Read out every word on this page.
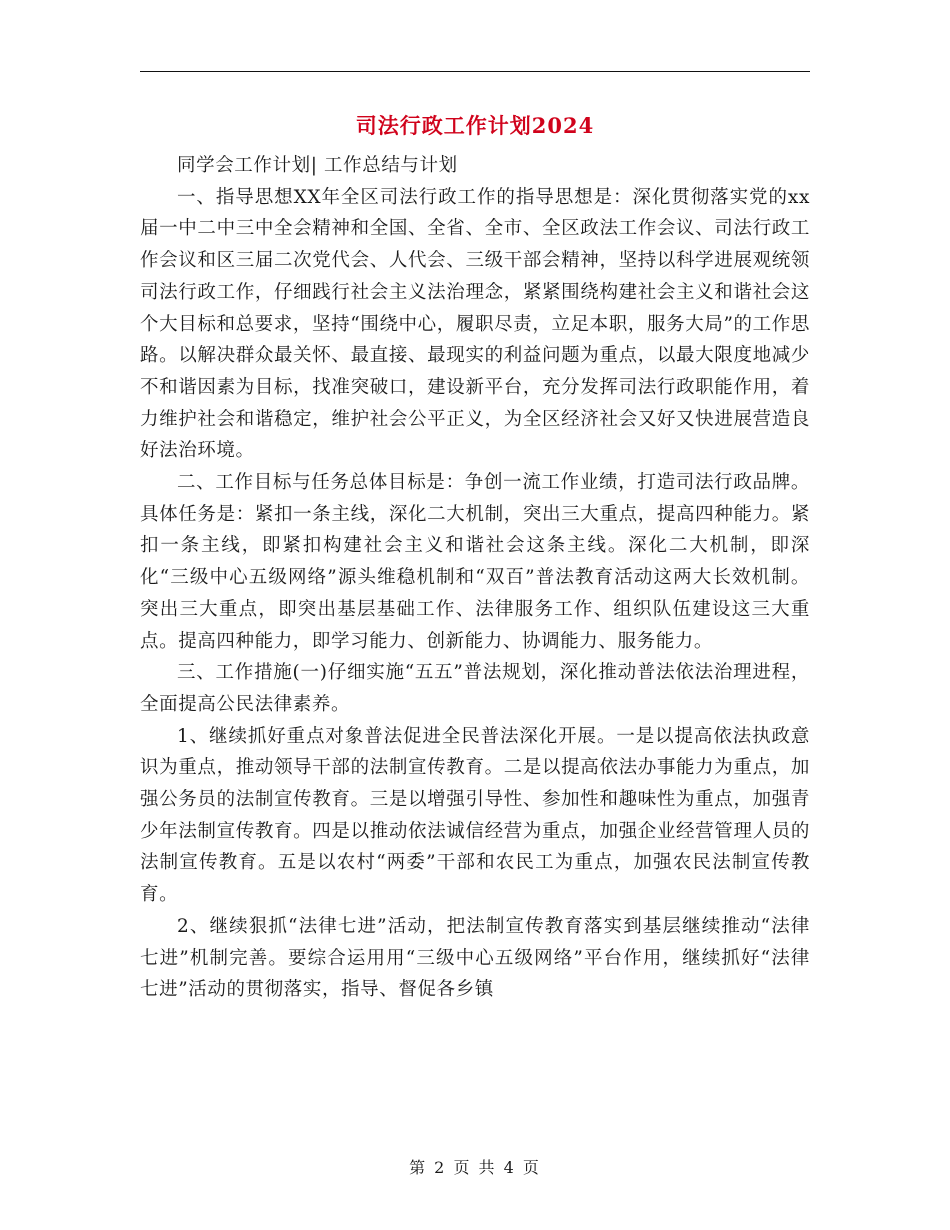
司法行政工作计划2024

同学会工作计划| 工作总结与计划

一、指导思想XX年全区司法行政工作的指导思想是：深化贯彻落实党的xx届一中二中三中全会精神和全国、全省、全市、全区政法工作会议、司法行政工作会议和区三届二次党代会、人代会、三级干部会精神，坚持以科学进展观统领司法行政工作，仔细践行社会主义法治理念，紧紧围绕构建社会主义和谐社会这个大目标和总要求，坚持“围绕中心，履职尽责，立足本职，服务大局”的工作思路。以解决群众最关怀、最直接、最现实的利益问题为重点，以最大限度地减少不和谐因素为目标，找准突破口，建设新平台，充分发挥司法行政职能作用，着力维护社会和谐稳定，维护社会公平正义，为全区经济社会又好又快进展营造良好法治环境。

二、工作目标与任务总体目标是：争创一流工作业绩，打造司法行政品牌。具体任务是：紧扣一条主线，深化二大机制，突出三大重点，提高四种能力。紧扣一条主线，即紧扣构建社会主义和谐社会这条主线。深化二大机制，即深化“三级中心五级网络”源头维稳机制和“双百”普法教育活动这两大长效机制。突出三大重点，即突出基层基础工作、法律服务工作、组织队伍建设这三大重点。提高四种能力，即学习能力、创新能力、协调能力、服务能力。

三、工作措施(一)仔细实施“五五”普法规划，深化推动普法依法治理进程，全面提高公民法律素养。

1、继续抓好重点对象普法促进全民普法深化开展。一是以提高依法执政意识为重点，推动领导干部的法制宣传教育。二是以提高依法办事能力为重点，加强公务员的法制宣传教育。三是以增强引导性、参加性和趣味性为重点，加强青少年法制宣传教育。四是以推动依法诚信经营为重点，加强企业经营管理人员的法制宣传教育。五是以农村“两委”干部和农民工为重点，加强农民法制宣传教育。

2、继续狠抓“法律七进”活动，把法制宣传教育落实到基层继续推动“法律七进”机制完善。要综合运用用“三级中心五级网络”平台作用，继续抓好“法律七进”活动的贯彻落实，指导、督促各乡镇

第 2 页 共 4 页
